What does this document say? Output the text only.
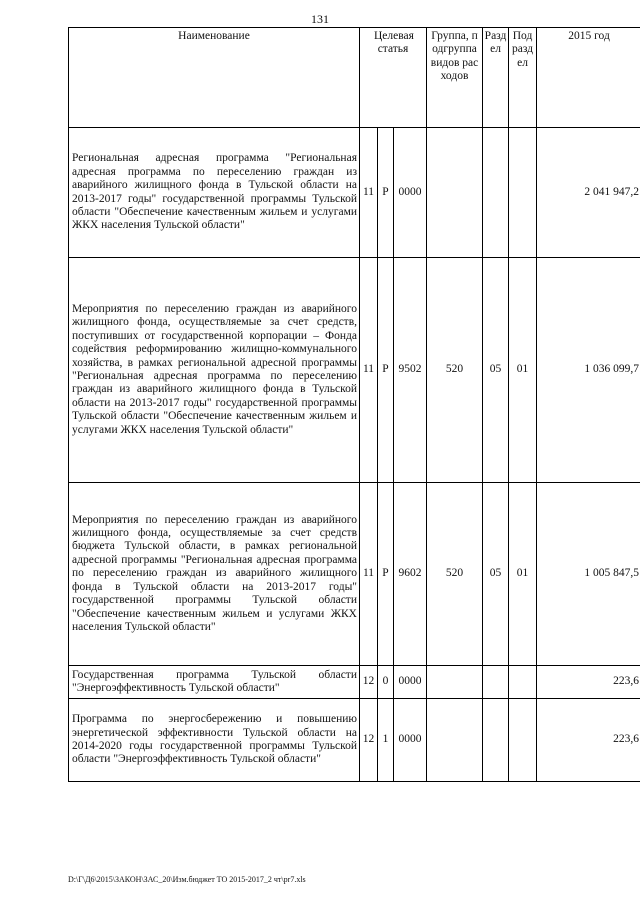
131
Наименование	Целевая статья			Группа, подгруппа видов расходов	Раздел	Подраздел	2015 год
Региональная адресная программа "Региональная адресная программа по переселению граждан из аварийного жилищного фонда в Тульской области на 2013-2017 годы" государственной программы Тульской области "Обеспечение качественным жильем и услугами ЖКХ населения Тульской области"	11	Р	0000				2 041 947,2
Мероприятия по переселению граждан из аварийного жилищного фонда, осуществляемые за счет средств, поступивших от государственной корпорации – Фонда содействия реформированию жилищно-коммунального хозяйства, в рамках региональной адресной программы "Региональная адресная программа по переселению граждан из аварийного жилищного фонда в Тульской области на 2013-2017 годы" государственной программы Тульской области "Обеспечение качественным жильем и услугами ЖКХ населения Тульской области"	11	Р	9502	520	05	01	1 036 099,7
Мероприятия по переселению граждан из аварийного жилищного фонда, осуществляемые за счет средств бюджета Тульской области, в рамках региональной адресной программы "Региональная адресная программа по переселению граждан из аварийного жилищного фонда в Тульской области на 2013-2017 годы" государственной программы Тульской области "Обеспечение качественным жильем и услугами ЖКХ населения Тульской области"	11	Р	9602	520	05	01	1 005 847,5
Государственная программа Тульской области "Энергоэффективность Тульской области"	12	0	0000				223,6
Программа по энергосбережению и повышению энергетической эффективности Тульской области на 2014-2020 годы государственной программы Тульской области "Энергоэффективность Тульской области"	12	1	0000				223,6
D:\Г\Д6\2015\ЗАКОН\ЗАС_20\Изм.бюджет ТО 2015-2017_2 чт\pr7.xls
